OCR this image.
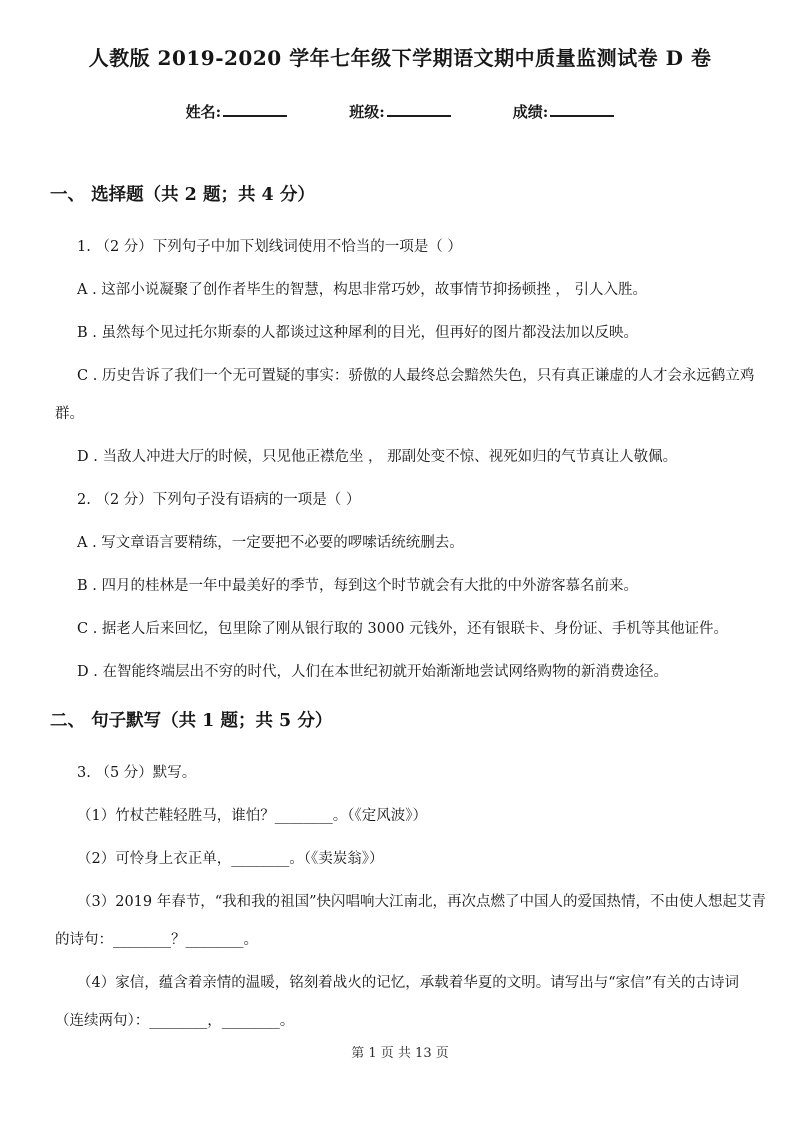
人教版 2019-2020 学年七年级下学期语文期中质量监测试卷 D 卷
姓名:	班级:	成绩:
一、 选择题（共 2 题；共 4 分）
1. （2 分）下列句子中加下划线词使用不恰当的一项是（ ）
A . 这部小说凝聚了创作者毕生的智慧，构思非常巧妙，故事情节抑扬顿挫 ， 引人入胜。
B . 虽然每个见过托尔斯泰的人都谈过这种犀利的目光，但再好的图片都没法加以反映。
C . 历史告诉了我们一个无可置疑的事实：骄傲的人最终总会黯然失色，只有真正谦虚的人才会永远鹤立鸡
群。
D . 当敌人冲进大厅的时候，只见他正襟危坐 ， 那副处变不惊、视死如归的气节真让人敬佩。
2. （2 分）下列句子没有语病的一项是（ ）
A . 写文章语言要精练，一定要把不必要的啰嗦话统统删去。
B . 四月的桂林是一年中最美好的季节，每到这个时节就会有大批的中外游客慕名前来。
C . 据老人后来回忆，包里除了刚从银行取的 3000 元钱外，还有银联卡、身份证、手机等其他证件。
D . 在智能终端层出不穷的时代，人们在本世纪初就开始渐渐地尝试网络购物的新消费途径。
二、 句子默写（共 1 题；共 5 分）
3. （5 分）默写。
（1）竹杖芒鞋轻胜马，谁怕？________。（《定风波》）
（2）可怜身上衣正单，________。（《卖炭翁》）
（3）2019 年春节，“我和我的祖国”快闪唱响大江南北，再次点燃了中国人的爱国热情，不由使人想起艾青
的诗句：________？________。
（4）家信，蕴含着亲情的温暖，铭刻着战火的记忆，承载着华夏的文明。请写出与“家信”有关的古诗词
（连续两句）：________，________。
第 1 页 共 13 页
